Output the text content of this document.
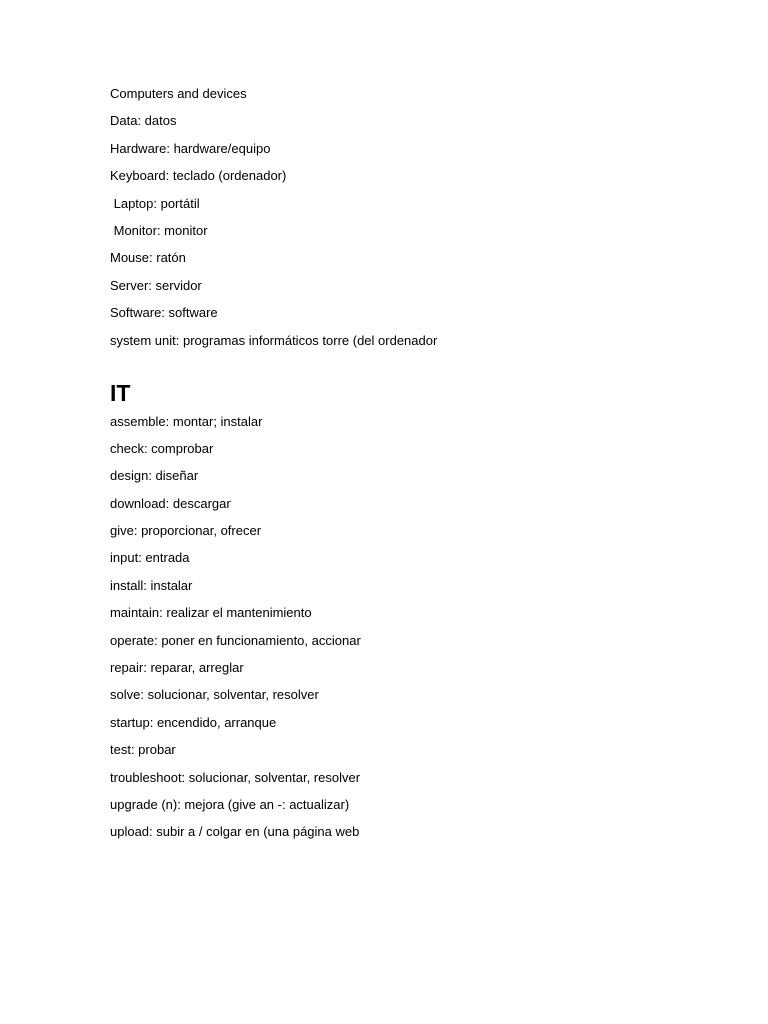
Computers and devices
Data: datos
Hardware: hardware/equipo
Keyboard: teclado (ordenador)
Laptop: portátil
Monitor: monitor
Mouse: ratón
Server: servidor
Software: software
system unit: programas informáticos torre (del ordenador
IT
assemble: montar; instalar
check: comprobar
design: diseñar
download: descargar
give: proporcionar, ofrecer
input: entrada
install: instalar
maintain: realizar el mantenimiento
operate: poner en funcionamiento, accionar
repair: reparar, arreglar
solve: solucionar, solventar, resolver
startup: encendido, arranque
test: probar
troubleshoot: solucionar, solventar, resolver
upgrade (n): mejora (give an -: actualizar)
upload: subir a / colgar en (una página web
